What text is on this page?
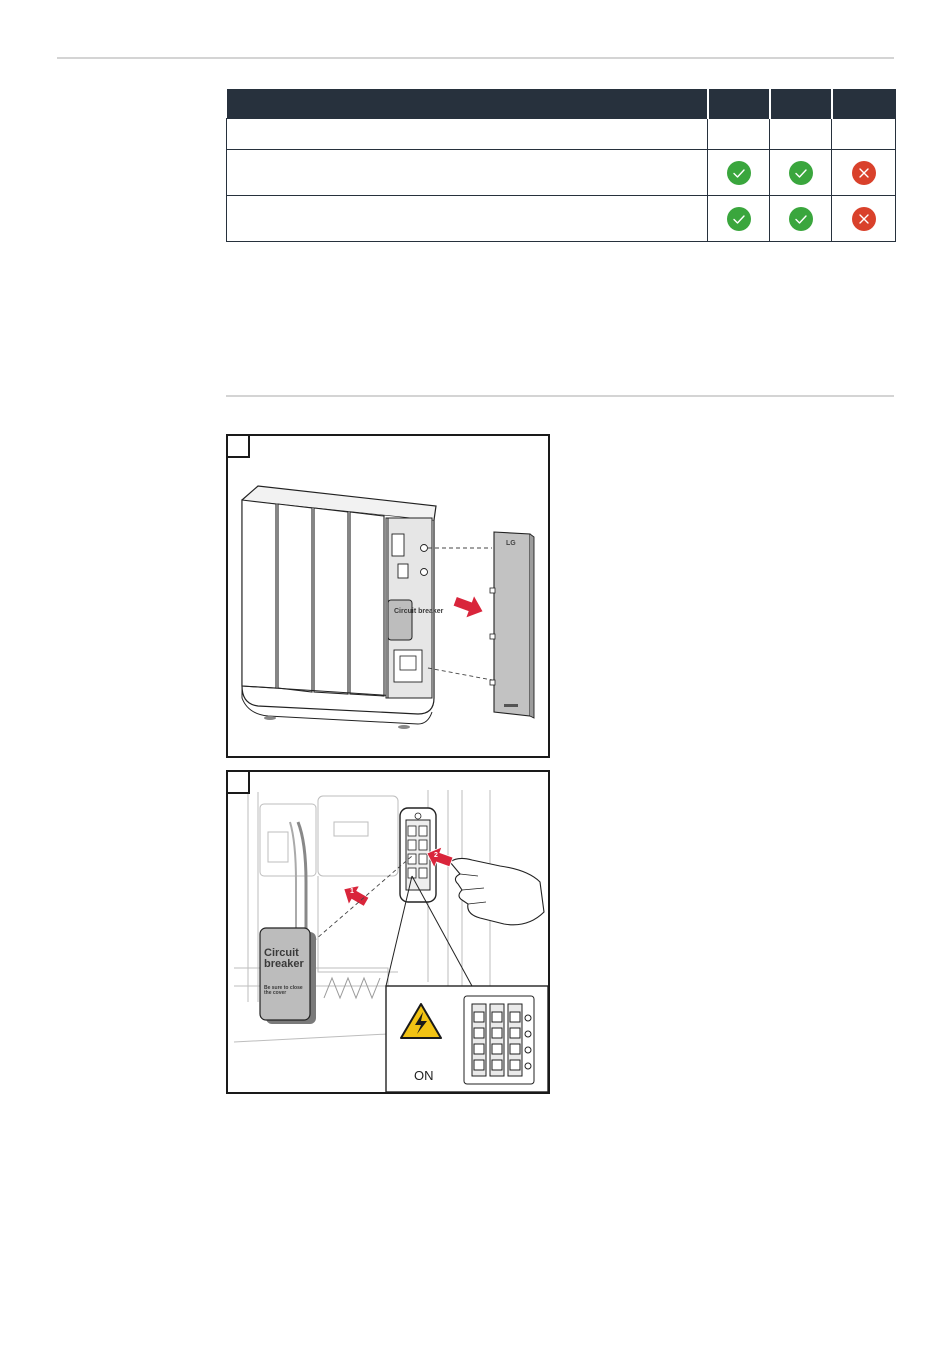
Circuit breaker
LG
Circuit breaker
Be sure to close the cover
1
2
ON
